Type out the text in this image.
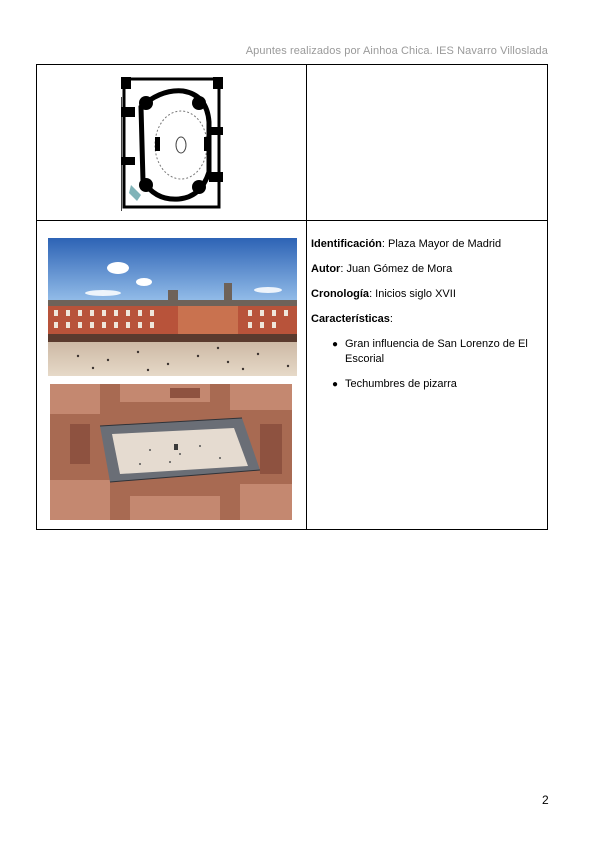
Apuntes realizados por Ainhoa Chica. IES Navarro Villoslada

Identificación: Plaza Mayor de Madrid

Autor: Juan Gómez de Mora

Cronología: Inicios siglo XVII

Características:

● Gran influencia de San Lorenzo de El Escorial
● Techumbres de pizarra
2
